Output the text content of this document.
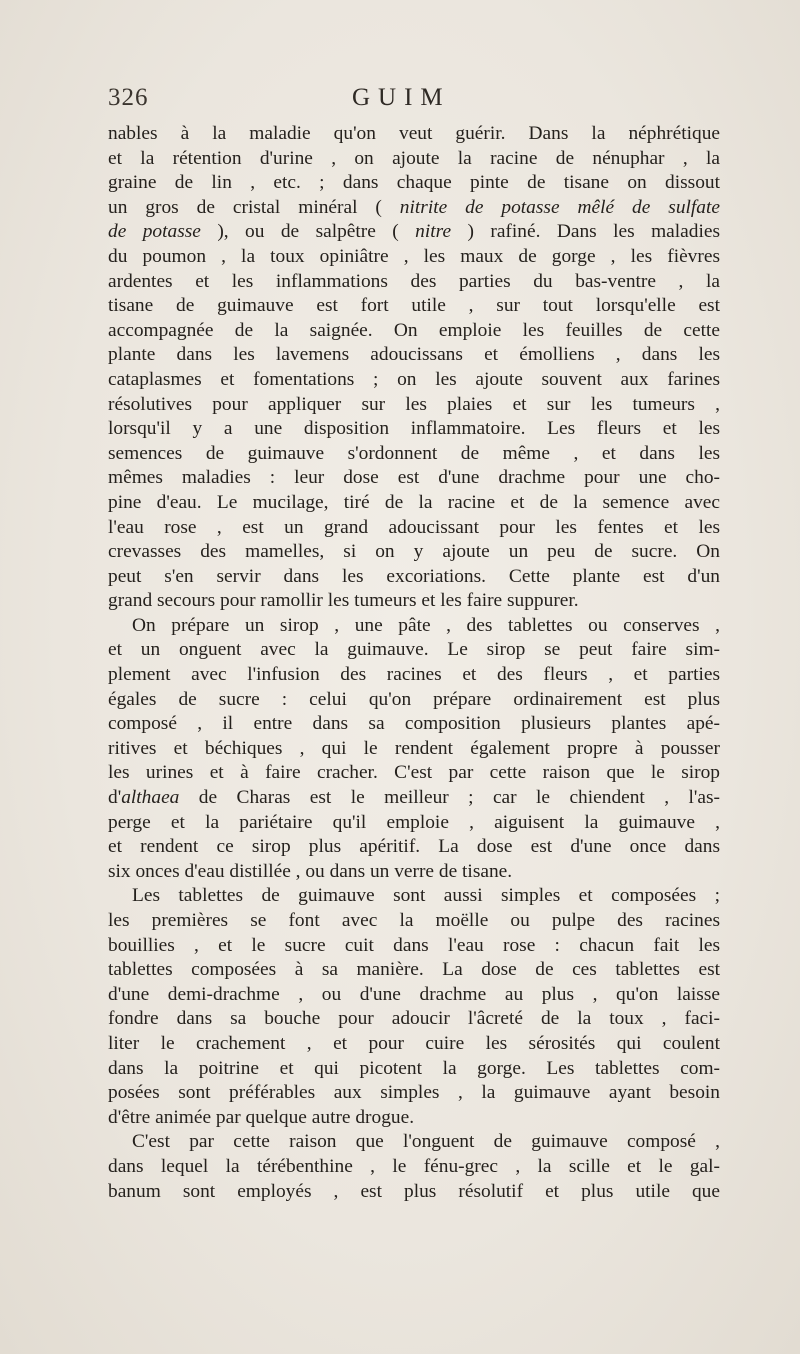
326	GUIM
nables à la maladie qu'on veut guérir. Dans la néphrétique
et la rétention d'urine , on ajoute la racine de nénuphar , la
graine de lin , etc. ; dans chaque pinte de tisane on dissout
un gros de cristal minéral ( nitrite de potasse mêlé de sulfate
de potasse ), ou de salpêtre ( nitre ) rafiné. Dans les maladies
du poumon , la toux opiniâtre , les maux de gorge , les fièvres
ardentes et les inflammations des parties du bas-ventre , la
tisane de guimauve est fort utile , sur tout lorsqu'elle est
accompagnée de la saignée. On emploie les feuilles de cette
plante dans les lavemens adoucissans et émolliens , dans les
cataplasmes et fomentations ; on les ajoute souvent aux farines
résolutives pour appliquer sur les plaies et sur les tumeurs ,
lorsqu'il y a une disposition inflammatoire. Les fleurs et les
semences de guimauve s'ordonnent de même , et dans les
mêmes maladies : leur dose est d'une drachme pour une cho-
pine d'eau. Le mucilage, tiré de la racine et de la semence avec
l'eau rose , est un grand adoucissant pour les fentes et les
crevasses des mamelles, si on y ajoute un peu de sucre. On
peut s'en servir dans les excoriations. Cette plante est d'un
grand secours pour ramollir les tumeurs et les faire suppurer.
On prépare un sirop , une pâte , des tablettes ou conserves ,
et un onguent avec la guimauve. Le sirop se peut faire sim-
plement avec l'infusion des racines et des fleurs , et parties
égales de sucre : celui qu'on prépare ordinairement est plus
composé , il entre dans sa composition plusieurs plantes apé-
ritives et béchiques , qui le rendent également propre à pousser
les urines et à faire cracher. C'est par cette raison que le sirop
d'althaea de Charas est le meilleur ; car le chiendent , l'as-
perge et la pariétaire qu'il emploie , aiguisent la guimauve ,
et rendent ce sirop plus apéritif. La dose est d'une once dans
six onces d'eau distillée , ou dans un verre de tisane.
Les tablettes de guimauve sont aussi simples et composées ;
les premières se font avec la moëlle ou pulpe des racines
bouillies , et le sucre cuit dans l'eau rose : chacun fait les
tablettes composées à sa manière. La dose de ces tablettes est
d'une demi-drachme , ou d'une drachme au plus , qu'on laisse
fondre dans sa bouche pour adoucir l'âcreté de la toux , faci-
liter le crachement , et pour cuire les sérosités qui coulent
dans la poitrine et qui picotent la gorge. Les tablettes com-
posées sont préférables aux simples , la guimauve ayant besoin
d'être animée par quelque autre drogue.
C'est par cette raison que l'onguent de guimauve composé ,
dans lequel la térébenthine , le fénu-grec , la scille et le gal-
banum sont employés , est plus résolutif et plus utile que
